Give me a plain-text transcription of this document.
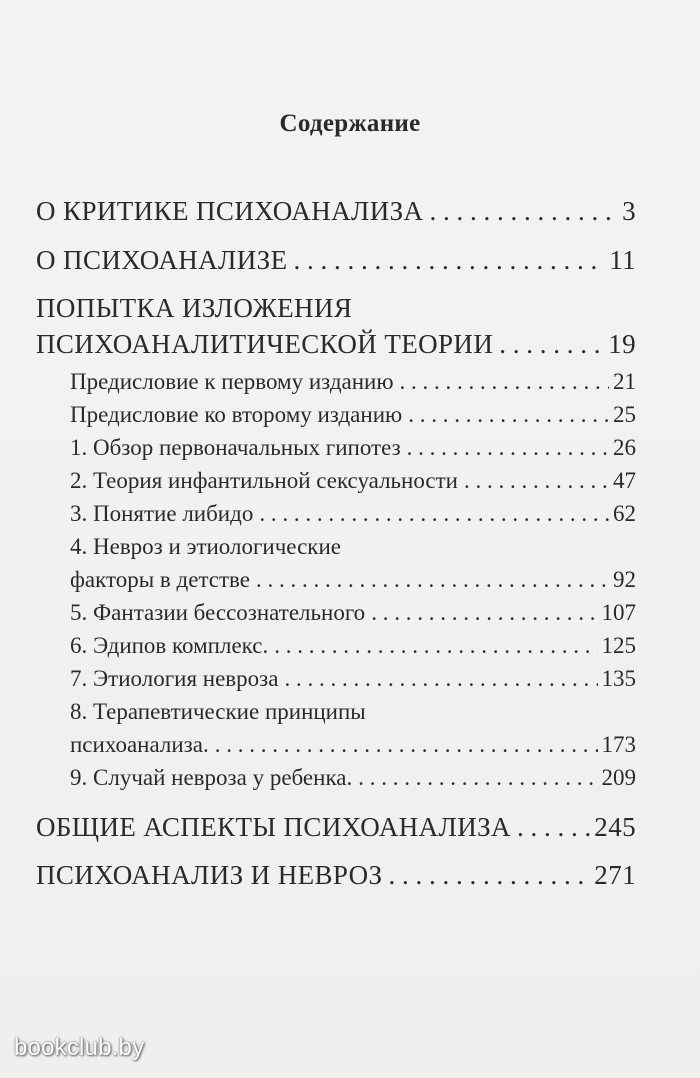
Содержание
О КРИТИКЕ ПСИХОАНАЛИЗА . . .	3
О ПСИХОАНАЛИЗЕ . . .	11
ПОПЫТКА ИЗЛОЖЕНИЯ
ПСИХОАНАЛИТИЧЕСКОЙ ТЕОРИИ . . .	19
Предисловие к первому изданию . . .	21
Предисловие ко второму изданию . . .	25
1. Обзор первоначальных гипотез . . .	26
2. Теория инфантильной сексуальности . . .	47
3. Понятие либидо . . .	62
4. Невроз и этиологические
факторы в детстве . . .	92
5. Фантазии бессознательного . . .	107
6. Эдипов комплекс. . . .	125
7. Этиология невроза . . .	135
8. Терапевтические принципы
психоанализа. . . .	173
9. Случай невроза у ребенка. . . .	209
ОБЩИЕ АСПЕКТЫ ПСИХОАНАЛИЗА . . .	245
ПСИХОАНАЛИЗ И НЕВРОЗ . . .	271
bookclub.by
